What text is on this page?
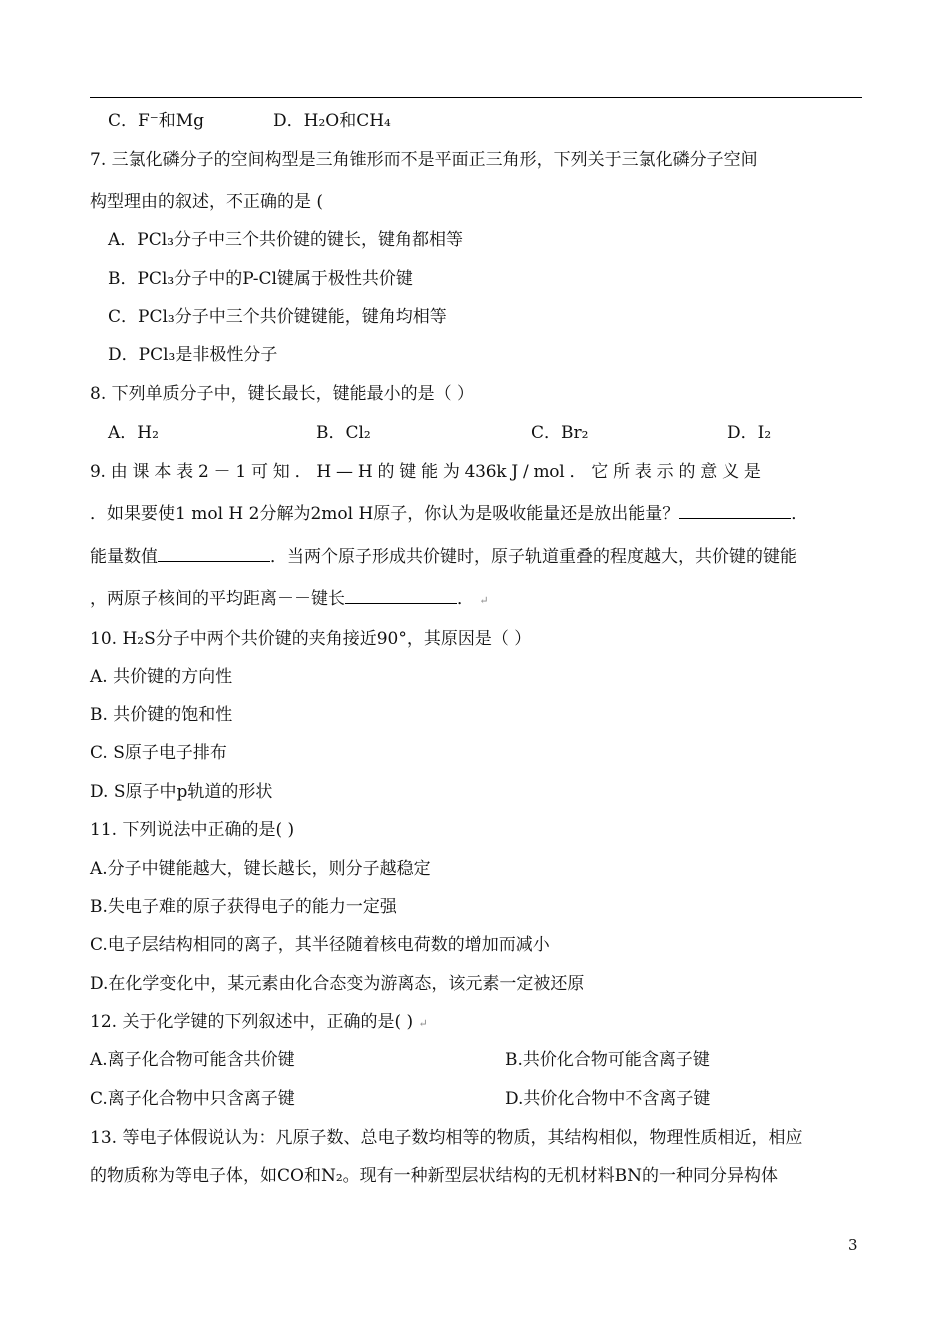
C．F⁻和Mg	D．H₂O和CH₄
7. 三氯化磷分子的空间构型是三角锥形而不是平面正三角形，下列关于三氯化磷分子空间
构型理由的叙述，不正确的是 (
A．PCl₃分子中三个共价键的键长，键角都相等
B．PCl₃分子中的P-Cl键属于极性共价键
C．PCl₃分子中三个共价键键能，键角均相等
D．PCl₃是非极性分子
8. 下列单质分子中，键长最长，键能最小的是（ ）
A．H₂	B．Cl₂	C．Br₂	D．I₂
9. 由 课 本 表 2 － 1 可 知 ． H — H 的 键 能 为 436k J / mol ． 它 所 表 示 的 意 义 是
．如果要使1 mol H 2分解为2mol H原子，你认为是吸收能量还是放出能量？	．
能量数值	．当两个原子形成共价键时，原子轨道重叠的程度越大，共价键的键能
，两原子核间的平均距离－－键长	． ↵
10. H₂S分子中两个共价键的夹角接近90°，其原因是（ ）
A. 共价键的方向性
B. 共价键的饱和性
C. S原子电子排布
D. S原子中p轨道的形状
11. 下列说法中正确的是( )
A.分子中键能越大，键长越长，则分子越稳定
B.失电子难的原子获得电子的能力一定强
C.电子层结构相同的离子，其半径随着核电荷数的增加而减小
D.在化学变化中，某元素由化合态变为游离态，该元素一定被还原
12. 关于化学键的下列叙述中，正确的是( ) ↵
A.离子化合物可能含共价键	B.共价化合物可能含离子键
C.离子化合物中只含离子键	D.共价化合物中不含离子键
13. 等电子体假说认为：凡原子数、总电子数均相等的物质，其结构相似，物理性质相近，相应
的物质称为等电子体，如CO和N₂。现有一种新型层状结构的无机材料BN的一种同分异构体
3
